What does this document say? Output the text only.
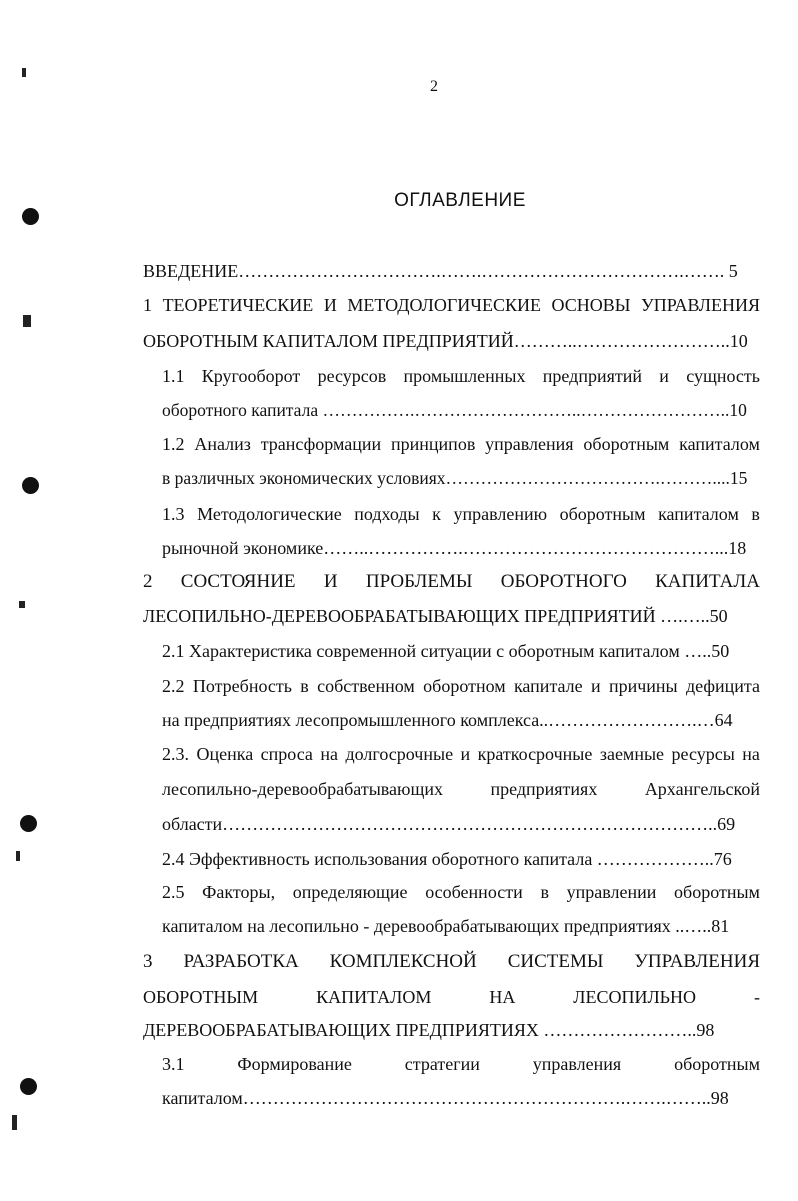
2
ОГЛАВЛЕНИЕ
ВВЕДЕНИЕ…………………………….…….…………………………….……. 5
1 ТЕОРЕТИЧЕСКИЕ И МЕТОДОЛОГИЧЕСКИЕ ОСНОВЫ УПРАВЛЕНИЯ
ОБОРОТНЫМ КАПИТАЛОМ ПРЕДПРИЯТИЙ………..……………………..10
1.1 Кругооборот ресурсов промышленных предприятий и сущность
оборотного капитала …………….………………………..……………………..10
1.2 Анализ трансформации принципов управления оборотным капиталом
в различных экономических условиях……………………………….………....15
1.3 Методологические подходы к управлению оборотным капиталом в
рыночной экономике……..…………….……………………………………...18
2 СОСТОЯНИЕ И ПРОБЛЕМЫ ОБОРОТНОГО КАПИТАЛА
ЛЕСОПИЛЬНО-ДЕРЕВООБРАБАТЫВАЮЩИХ ПРЕДПРИЯТИЙ ….…..50
2.1 Характеристика современной ситуации с оборотным капиталом …..50
2.2 Потребность в собственном оборотном капитале и причины дефицита
на предприятиях лесопромышленного комплекса..…………………….…64
2.3. Оценка спроса на долгосрочные и краткосрочные заемные ресурсы на
лесопильно-деревообрабатывающих	предприятиях	Архангельской
области………………………………………………………………………..69
2.4 Эффективность использования оборотного капитала ………………..76
2.5 Факторы, определяющие особенности в управлении оборотным
капиталом на лесопильно - деревообрабатывающих предприятиях ..…..81
3 РАЗРАБОТКА КОМПЛЕКСНОЙ СИСТЕМЫ УПРАВЛЕНИЯ
ОБОРОТНЫМ	КАПИТАЛОМ	НА	ЛЕСОПИЛЬНО	-
ДЕРЕВООБРАБАТЫВАЮЩИХ ПРЕДПРИЯТИЯХ ……………………..98
3.1	Формирование	стратегии	управления	оборотным
капиталом……………………………………………………….…….……..98
